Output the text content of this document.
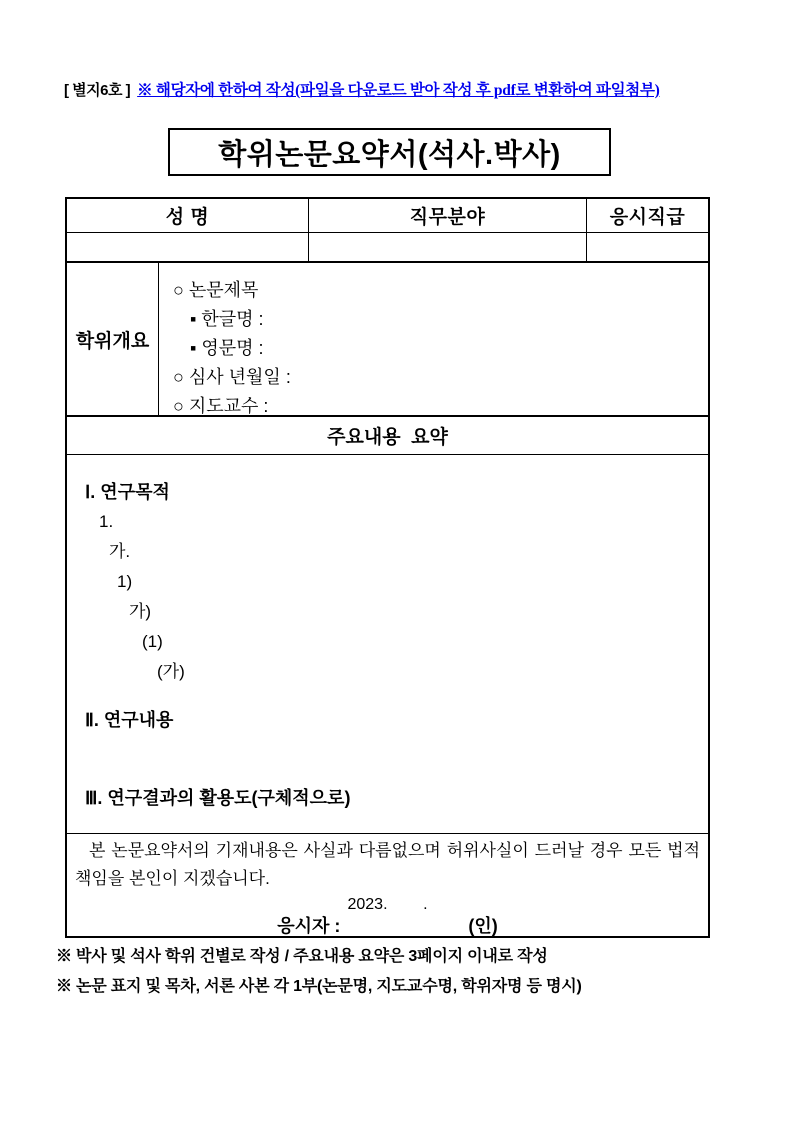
[ 별지6호 ] ※ 해당자에 한하여 작성(파일을 다운로드 받아 작성 후 pdf로 변환하여 파일첨부)
학위논문요약서(석사.박사)
성 명	직무분야	응시직급
학위개요
○ 논문제목
▪ 한글명 :
▪ 영문명 :
○ 심사 년월일 :
○ 지도교수 :
주요내용  요약
Ⅰ. 연구목적
1.
가.
1)
가)
(1)
(가)
Ⅱ. 연구내용
Ⅲ. 연구결과의 활용도(구체적으로)

본 논문요약서의 기재내용은 사실과 다름없으며 허위사실이 드러날 경우 모든 법적 책임을 본인이 지겠습니다.

2023.        .
응시자 :	(인)
※ 박사 및 석사 학위 건별로 작성 / 주요내용 요약은 3페이지 이내로 작성
※ 논문 표지 및 목차, 서론 사본 각 1부(논문명, 지도교수명, 학위자명 등 명시)
